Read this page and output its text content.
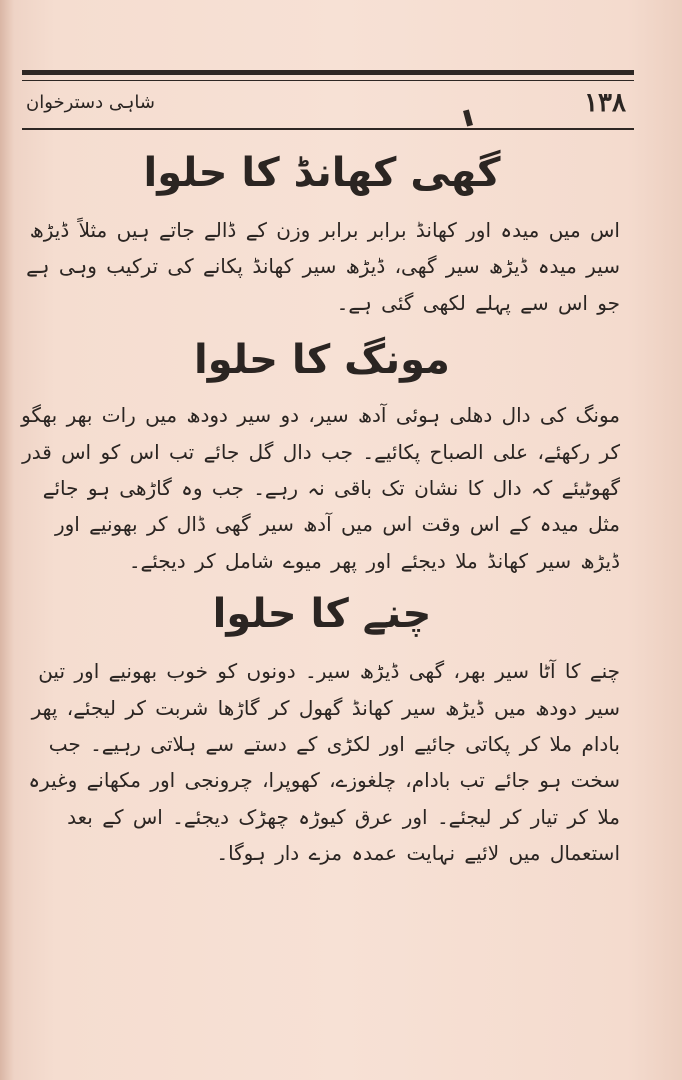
۱۳۸
شاہی دسترخوان
گھی کھانڈ کا حلوا

اس میں میدہ اور کھانڈ برابر برابر وزن کے ڈالے جاتے ہیں مثلاً ڈیڑھ سیر میدہ ڈیڑھ سیر گھی، ڈیڑھ سیر کھانڈ پکانے کی ترکیب وہی ہے جو اس سے پہلے لکھی گئی ہے۔

مونگ کا حلوا

مونگ کی دال دھلی ہوئی آدھ سیر، دو سیر دودھ میں رات بھر بھگو کر رکھئے، علی الصباح پکائیے۔ جب دال گل جائے تب اس کو اس قدر گھوٹیئے کہ دال کا نشان تک باقی نہ رہے۔ جب وہ گاڑھی ہو جائے مثل میدہ کے اس وقت اس میں آدھ سیر گھی ڈال کر بھونیے اور ڈیڑھ سیر کھانڈ ملا دیجئے اور پھر میوے شامل کر دیجئے۔

چنے کا حلوا

چنے کا آٹا سیر بھر، گھی ڈیڑھ سیر۔ دونوں کو خوب بھونیے اور تین سیر دودھ میں ڈیڑھ سیر کھانڈ گھول کر گاڑھا شربت کر لیجئے، پھر بادام ملا کر پکاتی جائیے اور لکڑی کے دستے سے ہلاتی رہیے۔ جب سخت ہو جائے تب بادام، چلغوزے، کھوپرا، چرونجی اور مکھانے وغیرہ ملا کر تیار کر لیجئے۔ اور عرق کیوڑہ چھڑک دیجئے۔ اس کے بعد استعمال میں لائیے نہایت عمدہ مزے دار ہوگا۔
